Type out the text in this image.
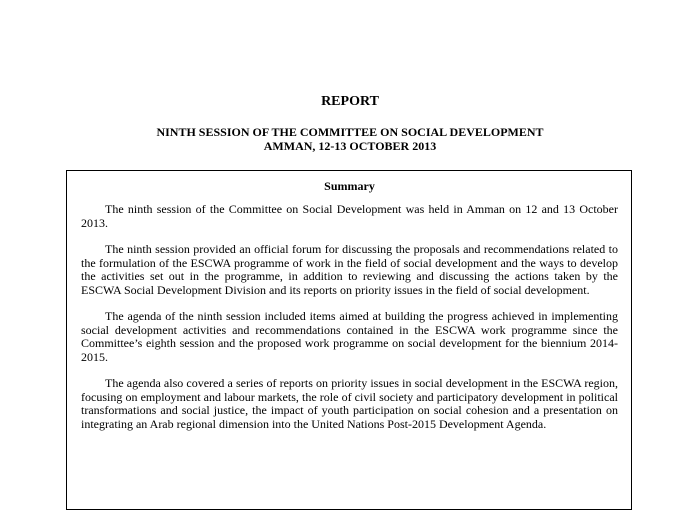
REPORT
NINTH SESSION OF THE COMMITTEE ON SOCIAL DEVELOPMENT
AMMAN, 12-13 OCTOBER 2013

Summary

The ninth session of the Committee on Social Development was held in Amman on 12 and 13 October 2013.

The ninth session provided an official forum for discussing the proposals and recommendations related to the formulation of the ESCWA programme of work in the field of social development and the ways to develop the activities set out in the programme, in addition to reviewing and discussing the actions taken by the ESCWA Social Development Division and its reports on priority issues in the field of social development.

The agenda of the ninth session included items aimed at building the progress achieved in implementing social development activities and recommendations contained in the ESCWA work programme since the Committee’s eighth session and the proposed work programme on social development for the biennium 2014-2015.

The agenda also covered a series of reports on priority issues in social development in the ESCWA region, focusing on employment and labour markets, the role of civil society and participatory development in political transformations and social justice, the impact of youth participation on social cohesion and a presentation on integrating an Arab regional dimension into the United Nations Post-2015 Development Agenda.
